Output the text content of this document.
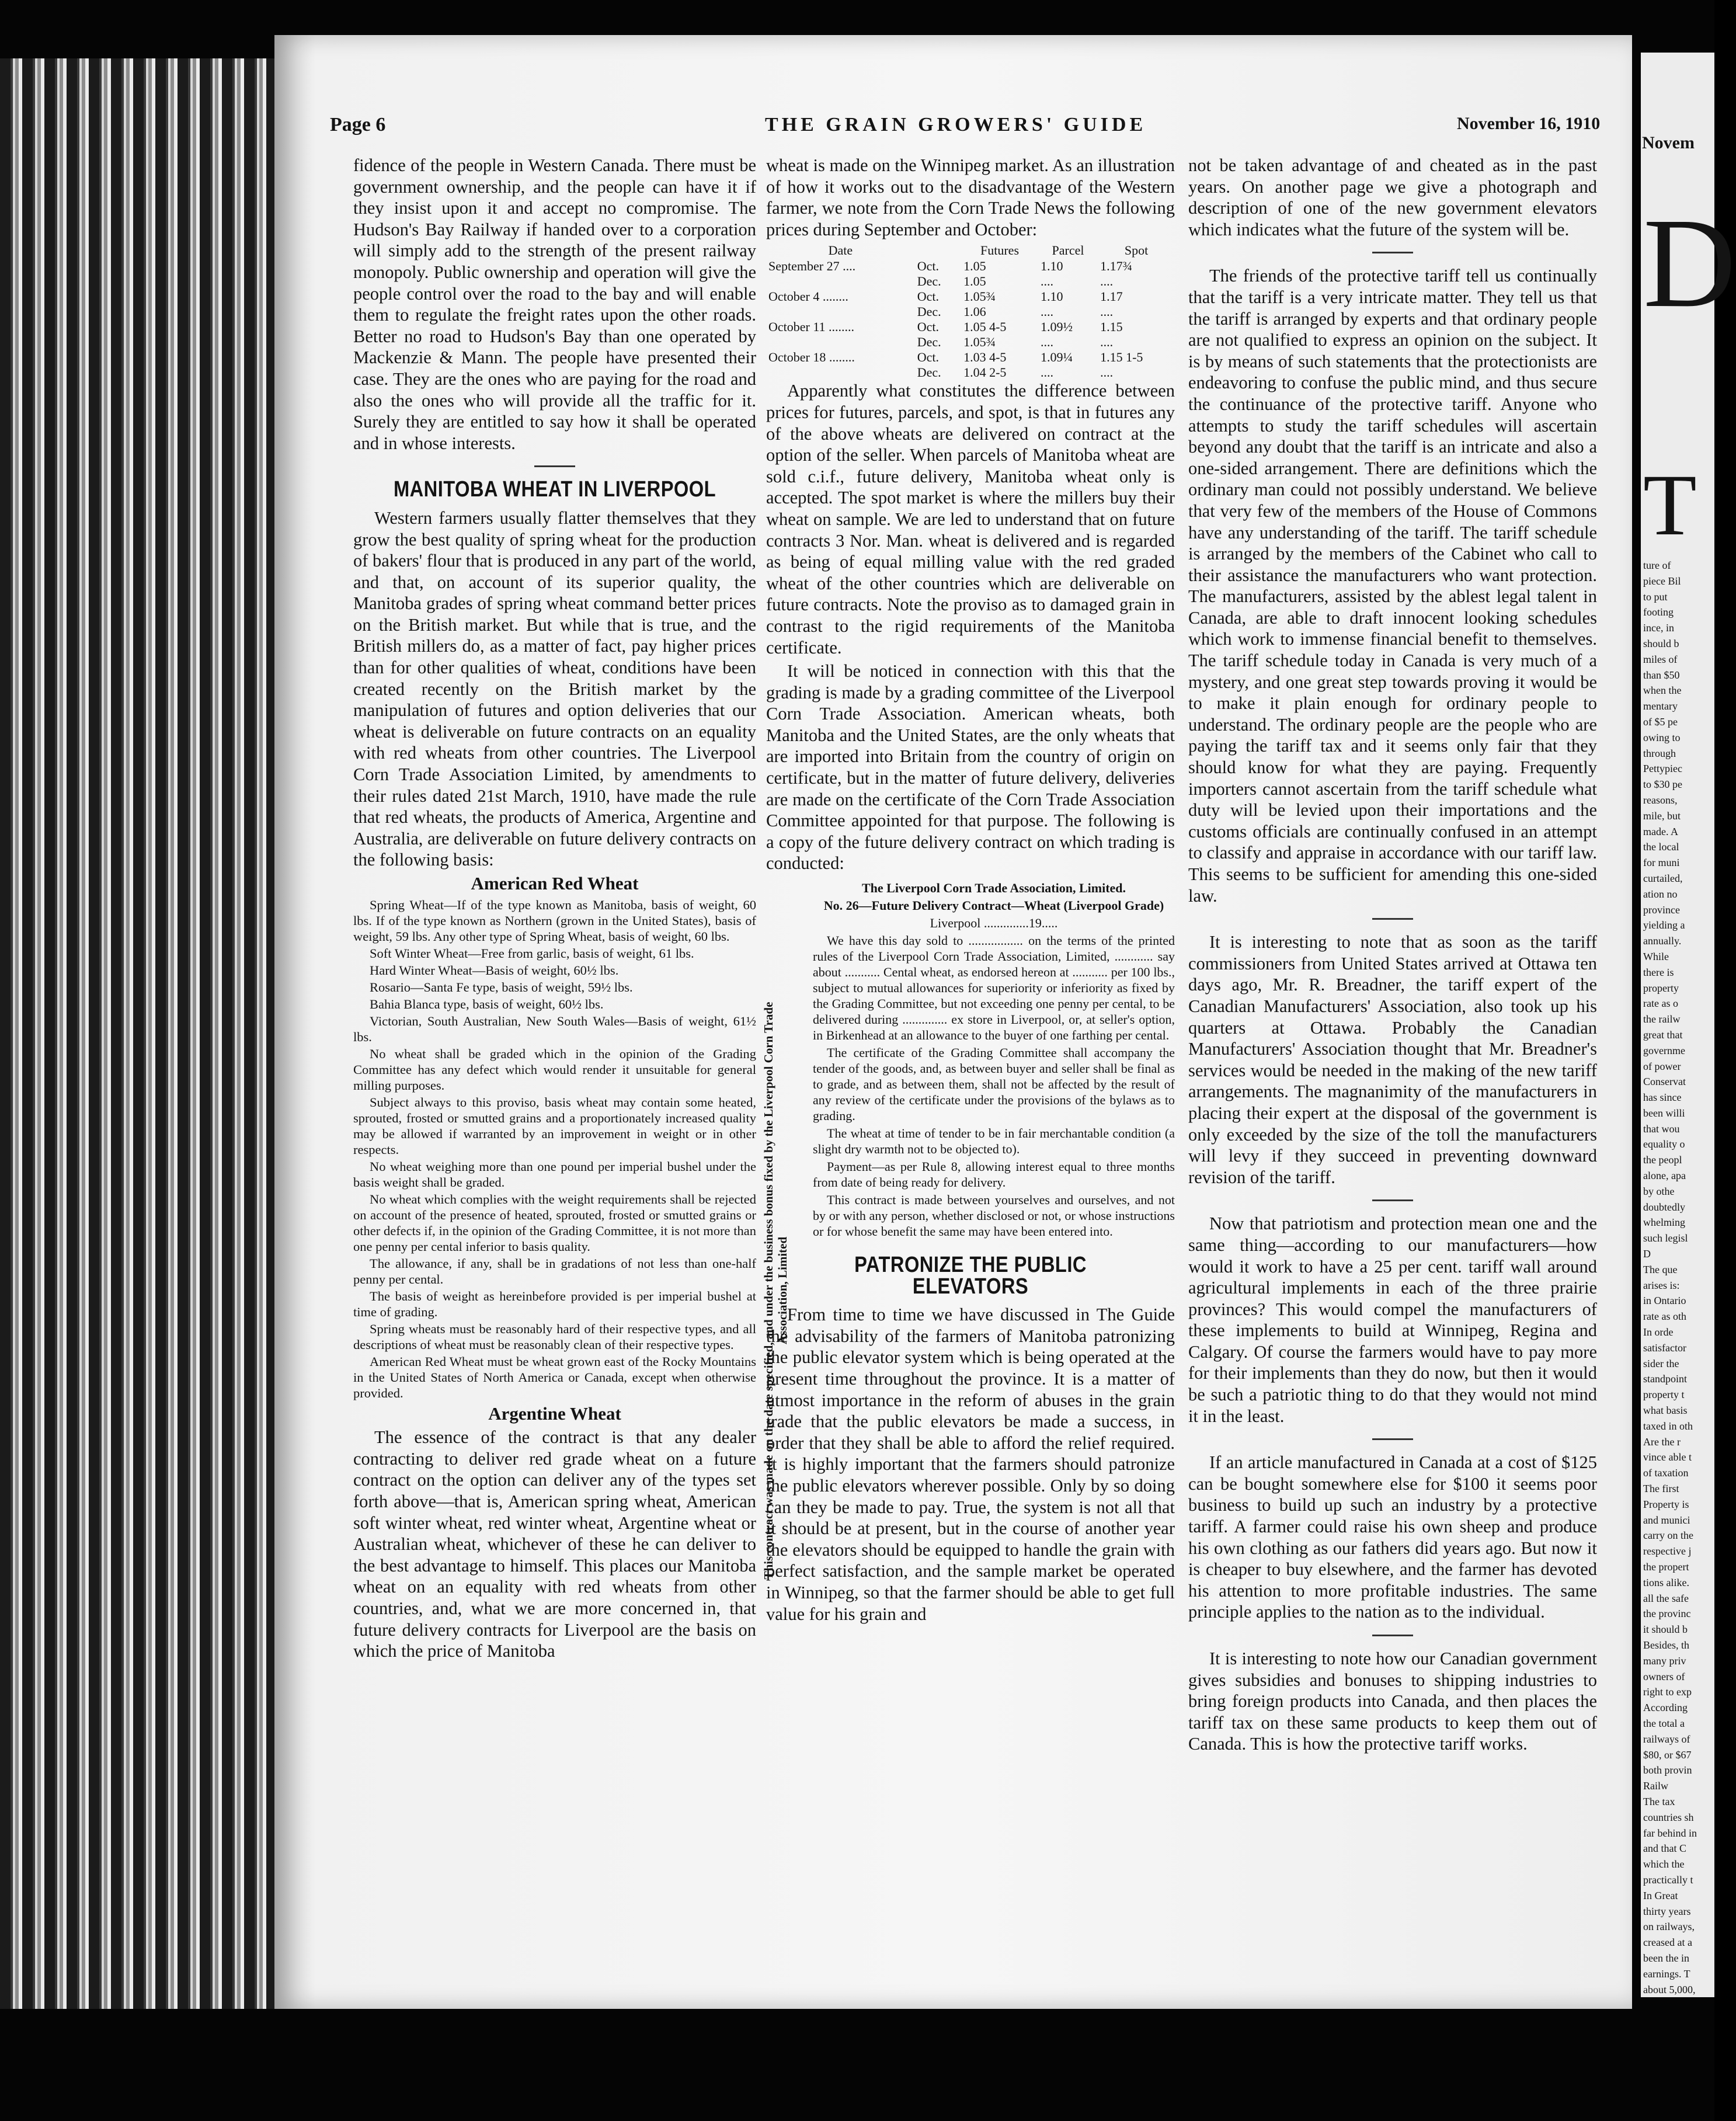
Page 6	THE GRAIN GROWERS' GUIDE	November 16, 1910

fidence of the people in Western Canada. There must be government ownership, and the people can have it if they insist upon it and accept no compromise. The Hudson's Bay Railway if handed over to a corporation will simply add to the strength of the present railway monopoly. Public ownership and operation will give the people control over the road to the bay and will enable them to regulate the freight rates upon the other roads. Better no road to Hudson's Bay than one operated by Mackenzie & Mann. The people have presented their case. They are the ones who are paying for the road and also the ones who will provide all the traffic for it. Surely they are entitled to say how it shall be operated and in whose interests.

MANITOBA WHEAT IN LIVERPOOL

Western farmers usually flatter themselves that they grow the best quality of spring wheat for the production of bakers' flour that is produced in any part of the world, and that, on account of its superior quality, the Manitoba grades of spring wheat command better prices on the British market. But while that is true, and the British millers do, as a matter of fact, pay higher prices than for other qualities of wheat, conditions have been created recently on the British market by the manipulation of futures and option deliveries that our wheat is deliverable on future contracts on an equality with red wheats from other countries. The Liverpool Corn Trade Association Limited, by amendments to their rules dated 21st March, 1910, have made the rule that red wheats, the products of America, Argentine and Australia, are deliverable on future delivery contracts on the following basis:

American Red Wheat

Spring Wheat—If of the type known as Manitoba, basis of weight, 60 lbs. If of the type known as Northern (grown in the United States), basis of weight, 59 lbs. Any other type of Spring Wheat, basis of weight, 60 lbs.

Soft Winter Wheat—Free from garlic, basis of weight, 61 lbs.

Hard Winter Wheat—Basis of weight, 60½ lbs.

Rosario—Santa Fe type, basis of weight, 59½ lbs.

Bahia Blanca type, basis of weight, 60½ lbs.

Victorian, South Australian, New South Wales—Basis of weight, 61½ lbs.

No wheat shall be graded which in the opinion of the Grading Committee has any defect which would render it unsuitable for general milling purposes.

Subject always to this proviso, basis wheat may contain some heated, sprouted, frosted or smutted grains and a proportionately increased quality may be allowed if warranted by an improvement in weight or in other respects.

No wheat weighing more than one pound per imperial bushel under the basis weight shall be graded.

No wheat which complies with the weight requirements shall be rejected on account of the presence of heated, sprouted, frosted or smutted grains or other defects if, in the opinion of the Grading Committee, it is not more than one penny per cental inferior to basis quality.

The allowance, if any, shall be in gradations of not less than one-half penny per cental.

The basis of weight as hereinbefore provided is per imperial bushel at time of grading.

Spring wheats must be reasonably hard of their respective types, and all descriptions of wheat must be reasonably clean of their respective types.

American Red Wheat must be wheat grown east of the Rocky Mountains in the United States of North America or Canada, except when otherwise provided.

Argentine Wheat

The essence of the contract is that any dealer contracting to deliver red grade wheat on a future contract on the option can deliver any of the types set forth above—that is, American spring wheat, American soft winter wheat, red winter wheat, Argentine wheat or Australian wheat, whichever of these he can deliver to the best advantage to himself. This places our Manitoba wheat on an equality with red wheats from other countries, and, what we are more concerned in, that future delivery contracts for Liverpool are the basis on which the price of Manitoba

wheat is made on the Winnipeg market. As an illustration of how it works out to the disadvantage of the Western farmer, we note from the Corn Trade News the following prices during September and October:

Date		Futures	Parcel	Spot
September 27 ....	Oct.	1.05	1.10	1.17¾
	Dec.	1.05	....	....
October 4 ........	Oct.	1.05¾	1.10	1.17
	Dec.	1.06	....	....
October 11 ........	Oct.	1.05 4-5	1.09½	1.15
	Dec.	1.05¾	....	....
October 18 ........	Oct.	1.03 4-5	1.09¼	1.15 1-5
	Dec.	1.04 2-5	....	....

Apparently what constitutes the difference between prices for futures, parcels, and spot, is that in futures any of the above wheats are delivered on contract at the option of the seller. When parcels of Manitoba wheat are sold c.i.f., future delivery, Manitoba wheat only is accepted. The spot market is where the millers buy their wheat on sample. We are led to understand that on future contracts 3 Nor. Man. wheat is delivered and is regarded as being of equal milling value with the red graded wheat of the other countries which are deliverable on future contracts. Note the proviso as to damaged grain in contrast to the rigid requirements of the Manitoba certificate.

It will be noticed in connection with this that the grading is made by a grading committee of the Liverpool Corn Trade Association. American wheats, both Manitoba and the United States, are the only wheats that are imported into Britain from the country of origin on certificate, but in the matter of future delivery, deliveries are made on the certificate of the Corn Trade Association Committee appointed for that purpose. The following is a copy of the future delivery contract on which trading is conducted:

The Liverpool Corn Trade Association, Limited.

No. 26—Future Delivery Contract—Wheat (Liverpool Grade)

Liverpool ..............19.....

We have this day sold to ................. on the terms of the printed rules of the Liverpool Corn Trade Association, Limited, ............ say about ........... Cental wheat, as endorsed hereon at ........... per 100 lbs., subject to mutual allowances for superiority or inferiority as fixed by the Grading Committee, but not exceeding one penny per cental, to be delivered during .............. ex store in Liverpool, or, at seller's option, in Birkenhead at an allowance to the buyer of one farthing per cental.

The certificate of the Grading Committee shall accompany the tender of the goods, and, as between buyer and seller shall be final as to grade, and as between them, shall not be affected by the result of any review of the certificate under the provisions of the bylaws as to grading.

The wheat at time of tender to be in fair merchantable condition (a slight dry warmth not to be objected to).

Payment—as per Rule 8, allowing interest equal to three months from date of being ready for delivery.

This contract is made between yourselves and ourselves, and not by or with any person, whether disclosed or not, or whose instructions or for whose benefit the same may have been entered into.

PATRONIZE THE PUBLIC ELEVATORS

From time to time we have discussed in The Guide the advisability of the farmers of Manitoba patronizing the public elevator system which is being operated at the present time throughout the province. It is a matter of utmost importance in the reform of abuses in the grain trade that the public elevators be made a success, in order that they shall be able to afford the relief required. It is highly important that the farmers should patronize the public elevators wherever possible. Only by so doing can they be made to pay. True, the system is not all that it should be at present, but in the course of another year the elevators should be equipped to handle the grain with perfect satisfaction, and the sample market be operated in Winnipeg, so that the farmer should be able to get full value for his grain and

This contract was made on the date specified, and under the business bonus fixed by the Liverpool Corn Trade Association, Limited

not be taken advantage of and cheated as in the past years. On another page we give a photograph and description of one of the new government elevators which indicates what the future of the system will be.

The friends of the protective tariff tell us continually that the tariff is a very intricate matter. They tell us that the tariff is arranged by experts and that ordinary people are not qualified to express an opinion on the subject. It is by means of such statements that the protectionists are endeavoring to confuse the public mind, and thus secure the continuance of the protective tariff. Anyone who attempts to study the tariff schedules will ascertain beyond any doubt that the tariff is an intricate and also a one-sided arrangement. There are definitions which the ordinary man could not possibly understand. We believe that very few of the members of the House of Commons have any understanding of the tariff. The tariff schedule is arranged by the members of the Cabinet who call to their assistance the manufacturers who want protection. The manufacturers, assisted by the ablest legal talent in Canada, are able to draft innocent looking schedules which work to immense financial benefit to themselves. The tariff schedule today in Canada is very much of a mystery, and one great step towards proving it would be to make it plain enough for ordinary people to understand. The ordinary people are the people who are paying the tariff tax and it seems only fair that they should know for what they are paying. Frequently importers cannot ascertain from the tariff schedule what duty will be levied upon their importations and the customs officials are continually confused in an attempt to classify and appraise in accordance with our tariff law. This seems to be sufficient for amending this one-sided law.

It is interesting to note that as soon as the tariff commissioners from United States arrived at Ottawa ten days ago, Mr. R. Breadner, the tariff expert of the Canadian Manufacturers' Association, also took up his quarters at Ottawa. Probably the Canadian Manufacturers' Association thought that Mr. Breadner's services would be needed in the making of the new tariff arrangements. The magnanimity of the manufacturers in placing their expert at the disposal of the government is only exceeded by the size of the toll the manufacturers will levy if they succeed in preventing downward revision of the tariff.

Now that patriotism and protection mean one and the same thing—according to our manufacturers—how would it work to have a 25 per cent. tariff wall around agricultural implements in each of the three prairie provinces? This would compel the manufacturers of these implements to build at Winnipeg, Regina and Calgary. Of course the farmers would have to pay more for their implements than they do now, but then it would be such a patriotic thing to do that they would not mind it in the least.

If an article manufactured in Canada at a cost of $125 can be bought somewhere else for $100 it seems poor business to build up such an industry by a protective tariff. A farmer could raise his own sheep and produce his own clothing as our fathers did years ago. But now it is cheaper to buy elsewhere, and the farmer has devoted his attention to more profitable industries. The same principle applies to the nation as to the individual.

It is interesting to note how our Canadian government gives subsidies and bonuses to shipping industries to bring foreign products into Canada, and then places the tariff tax on these same products to keep them out of Canada. This is how the protective tariff works.

Novem
D
T
ture of
piece Bil
to put
footing
ince, in
should b
miles of
than $50
when the
mentary
of $5 pe
owing to
through
Pettypiec
to $30 pe
reasons,
mile, but
made. A
the local
for muni
curtailed,
ation no
province
yielding a
annually.
While
there is
property
rate as o
the railw
great that
governme
of power
Conservat
has since
been willi
that wou
equality o
the peopl
alone, apa
by othe
doubtedly
whelming
such legisl
D
The que
arises is:
in Ontario
rate as oth
In orde
satisfactor
sider the
standpoint
property t
what basis
taxed in oth
Are the r
vince able t
of taxation
The first
Property is
and munici
carry on the
respective j
the propert
tions alike.
all the safe
the provinc
it should b
Besides, th
many priv
owners of
right to exp
According
the total a
railways of
$80, or $67
both provin
Railw
The tax
countries sh
far behind in
and that C
which the
practically t
In Great
thirty years
on railways,
creased at a
been the in
earnings. T
about 5,000,
